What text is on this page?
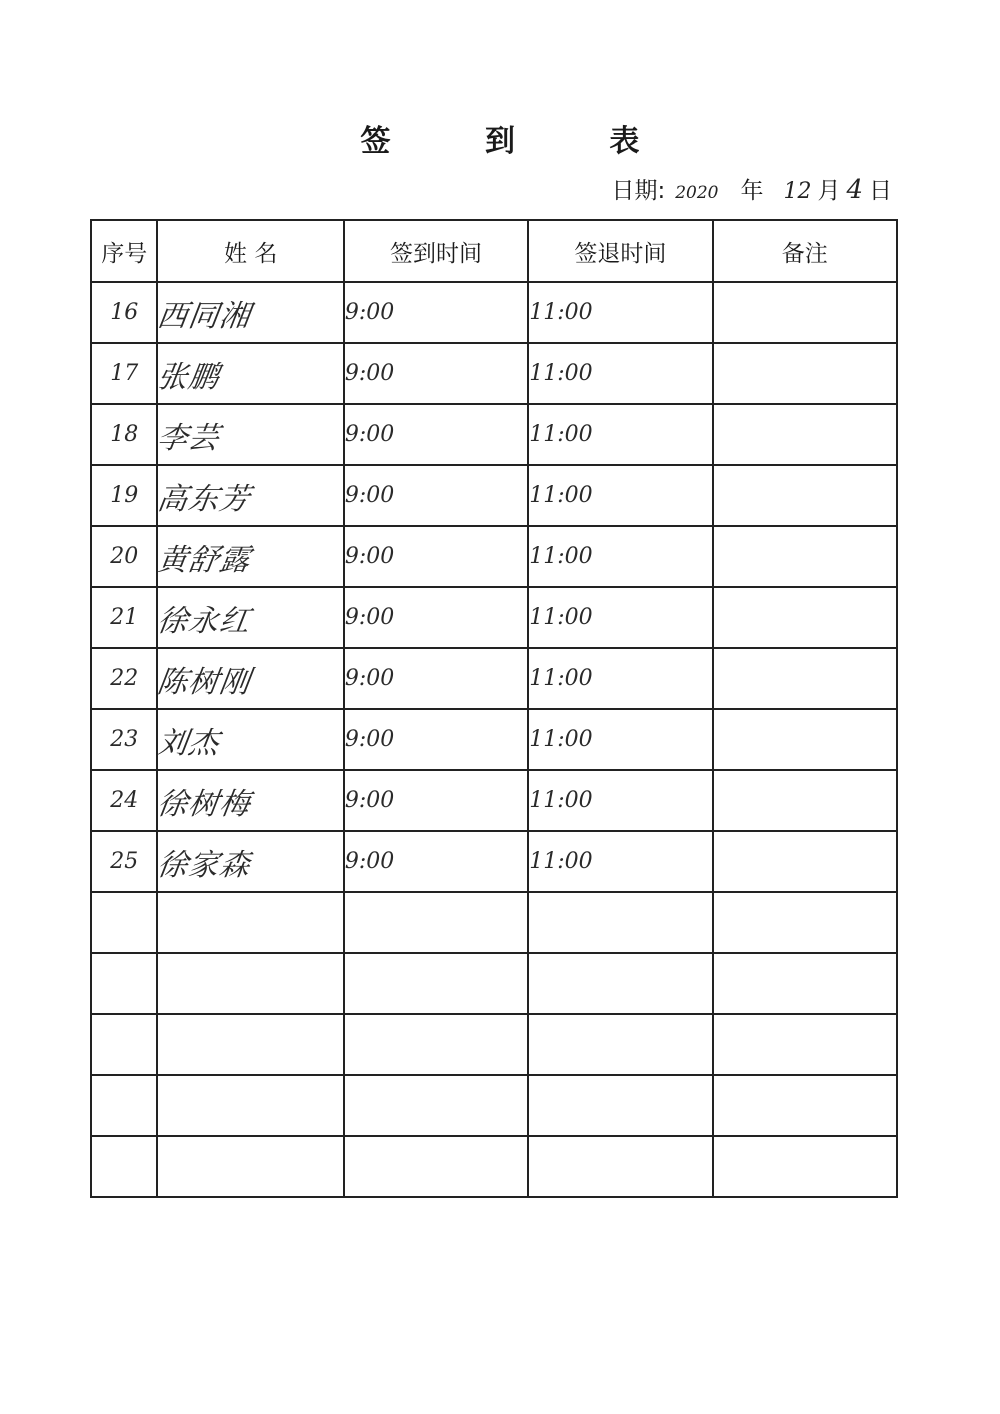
签 到 表
日期: 2020 年 12 月 4 日
序号	姓 名	签到时间	签退时间	备注
16	西同湘	9:00	11:00	
17	张鹏	9:00	11:00	
18	李芸	9:00	11:00	
19	高东芳	9:00	11:00	
20	黄舒露	9:00	11:00	
21	徐永红	9:00	11:00	
22	陈树刚	9:00	11:00	
23	刘杰	9:00	11:00	
24	徐树梅	9:00	11:00	
25	徐家森	9:00	11:00	
